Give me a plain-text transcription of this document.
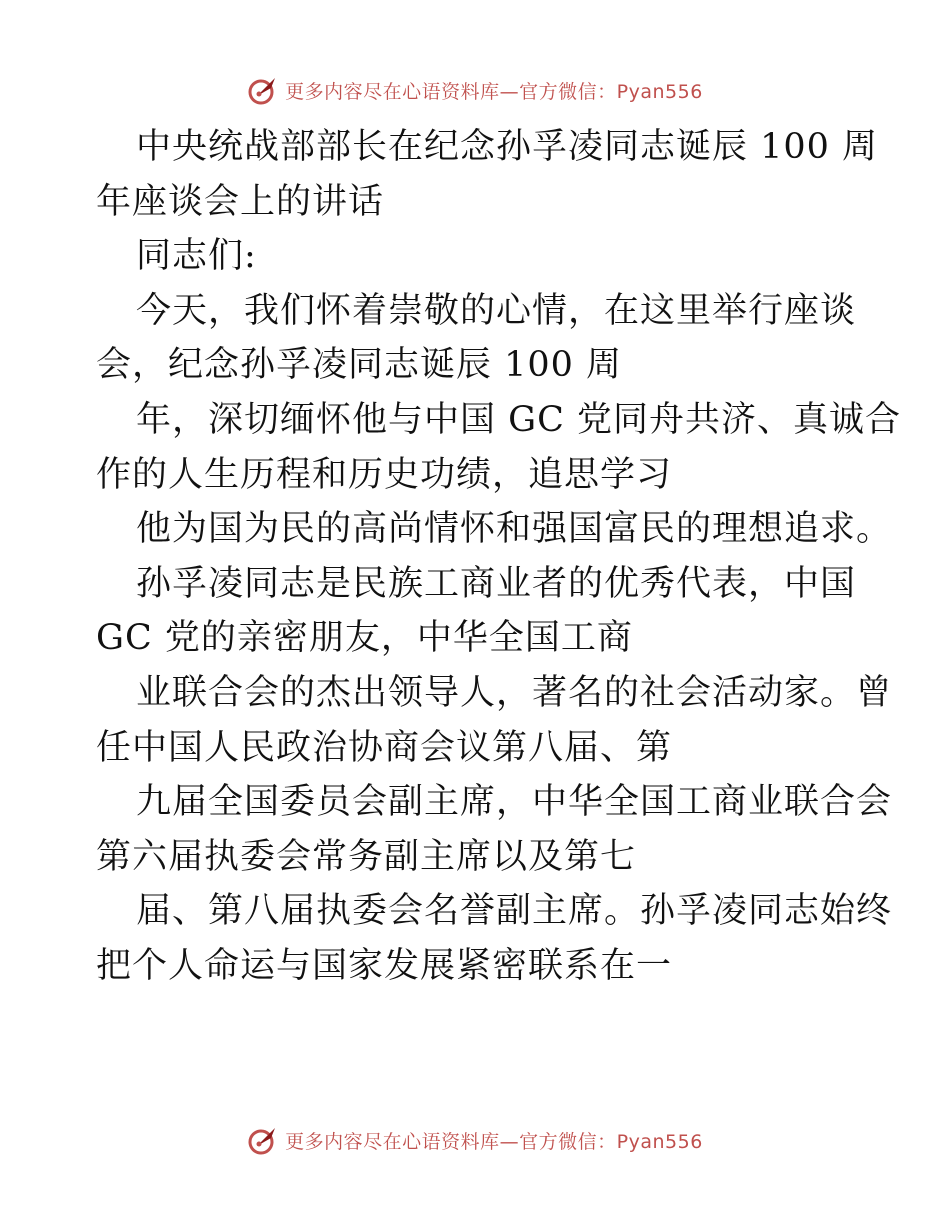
更多内容尽在心语资料库—官方微信：Pyan556
中央统战部部长在纪念孙孚凌同志诞辰 100 周
年座谈会上的讲话
同志们:
今天，我们怀着崇敬的心情，在这里举行座谈
会，纪念孙孚凌同志诞辰 100 周
年，深切缅怀他与中国 GC 党同舟共济、真诚合
作的人生历程和历史功绩，追思学习
他为国为民的高尚情怀和强国富民的理想追求。
孙孚凌同志是民族工商业者的优秀代表，中国
GC 党的亲密朋友，中华全国工商
业联合会的杰出领导人，著名的社会活动家。曾
任中国人民政治协商会议第八届、第
九届全国委员会副主席，中华全国工商业联合会
第六届执委会常务副主席以及第七
届、第八届执委会名誉副主席。孙孚凌同志始终
把个人命运与国家发展紧密联系在一
更多内容尽在心语资料库—官方微信：Pyan556
